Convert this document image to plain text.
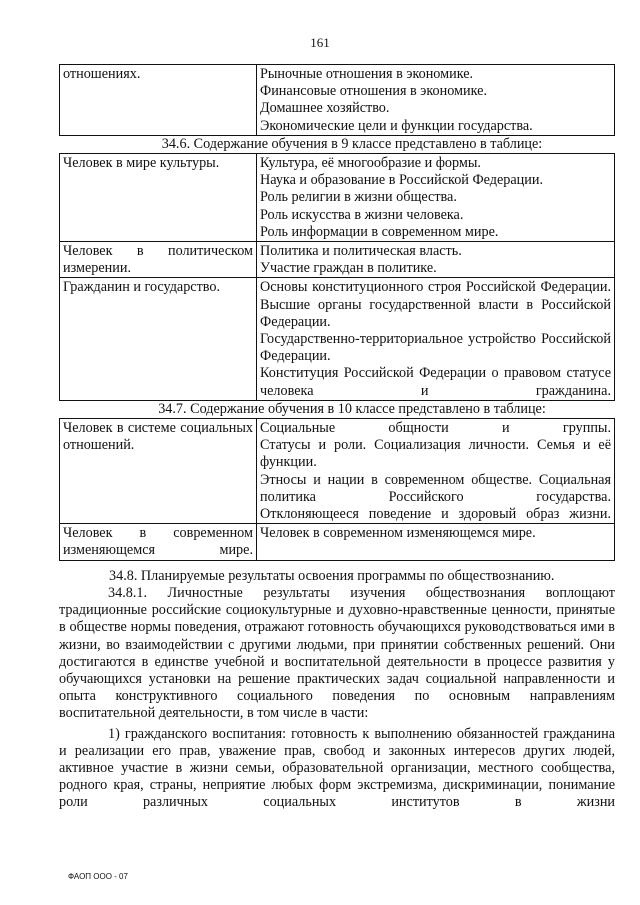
161
отношениях.	Рыночные отношения в экономике.
Финансовые отношения в экономике.
Домашнее хозяйство.
Экономические цели и функции государства.

34.6. Содержание обучения в 9 классе представлено в таблице:

Человек в мире культуры.	Культура, её многообразие и формы.
Наука и образование в Российской Федерации.
Роль религии в жизни общества.
Роль искусства в жизни человека.
Роль информации в современном мире.

Человек в политическом измерении.	Политика и политическая власть.
Участие граждан в политике.

Гражданин и государство.	Основы конституционного строя Российской Федерации.
Высшие органы государственной власти в Российской Федерации.
Государственно-территориальное устройство Российской Федерации.
Конституция Российской Федерации о правовом статусе человека и гражданина.

34.7. Содержание обучения в 10 классе представлено в таблице:

Человек в системе социальных отношений.	Социальные общности и группы.
Статусы и роли. Социализация личности. Семья и её функции.
Этносы и нации в современном обществе. Социальная политика Российского государства.
Отклоняющееся поведение и здоровый образ жизни.

Человек в современном изменяющемся мире.	Человек в современном изменяющемся мире.

34.8. Планируемые результаты освоения программы по обществознанию.

34.8.1. Личностные результаты изучения обществознания воплощают традиционные российские социокультурные и духовно-нравственные ценности, принятые в обществе нормы поведения, отражают готовность обучающихся руководствоваться ими в жизни, во взаимодействии с другими людьми, при принятии собственных решений. Они достигаются в единстве учебной и воспитательной деятельности в процессе развития у обучающихся установки на решение практических задач социальной направленности и опыта конструктивного социального поведения по основным направлениям воспитательной деятельности, в том числе в части:

1) гражданского воспитания: готовность к выполнению обязанностей гражданина и реализации его прав, уважение прав, свобод и законных интересов других людей, активное участие в жизни семьи, образовательной организации, местного сообщества, родного края, страны, неприятие любых форм экстремизма, дискриминации, понимание роли различных социальных институтов в жизни

ФАОП ООО - 07
